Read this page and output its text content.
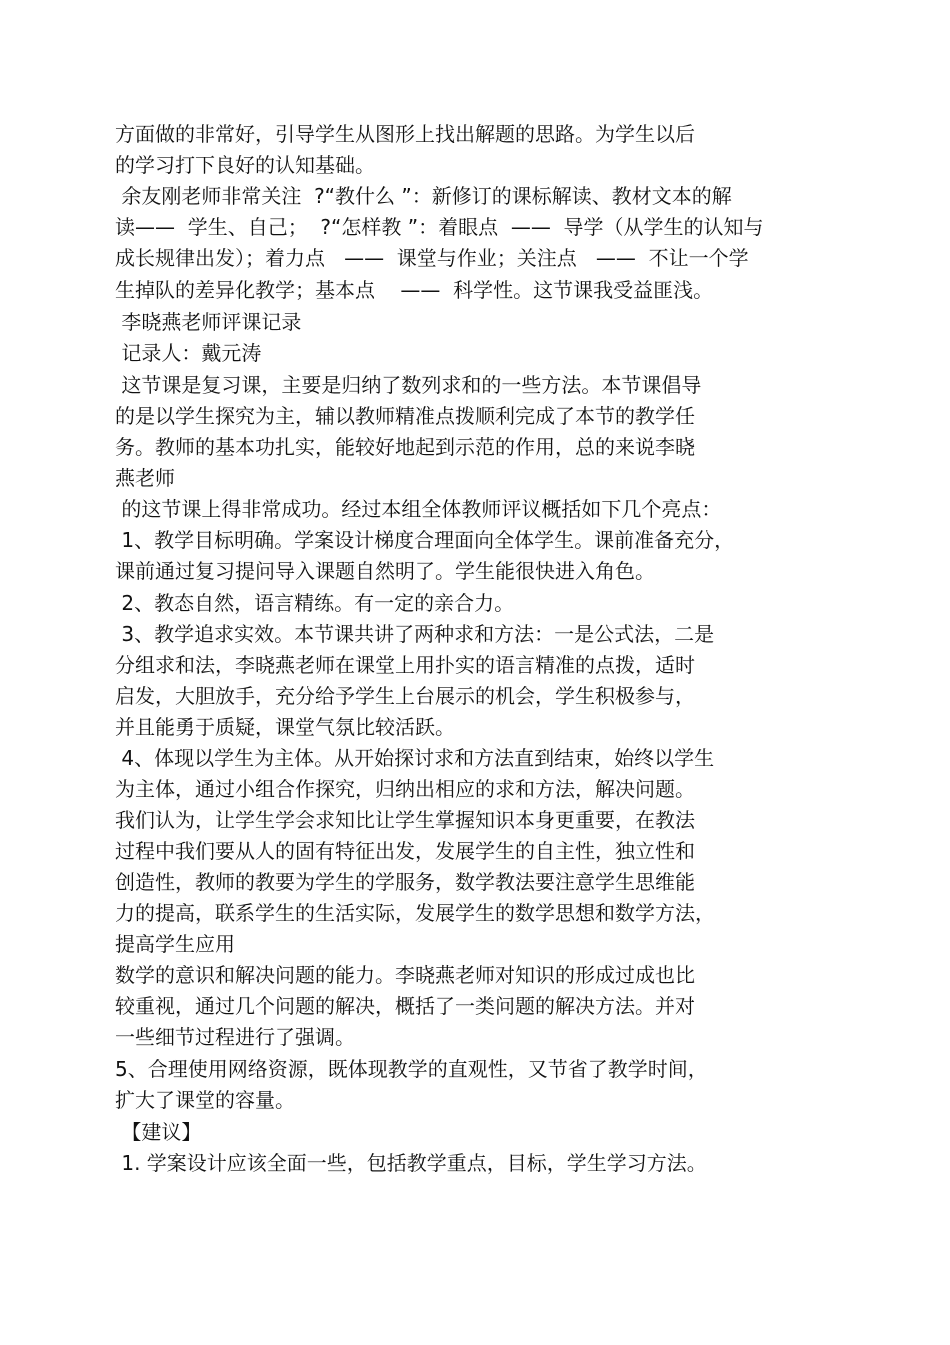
方面做的非常好，引导学生从图形上找出解题的思路。为学生以后
的学习打下良好的认知基础。
余友刚老师非常关注  ?“教什么 ”：新修订的课标解读、教材文本的解
读——  学生、自己；  ?“怎样教 ”：着眼点  ——  导学（从学生的认知与
成长规律出发）；着力点   ——  课堂与作业；关注点   ——  不让一个学
生掉队的差异化教学；基本点    ——  科学性。这节课我受益匪浅。
李晓燕老师评课记录
记录人：戴元涛
这节课是复习课，主要是归纳了数列求和的一些方法。本节课倡导
的是以学生探究为主，辅以教师精准点拨顺利完成了本节的教学任
务。教师的基本功扎实，能较好地起到示范的作用，总的来说李晓
燕老师
的这节课上得非常成功。经过本组全体教师评议概括如下几个亮点：
1、教学目标明确。学案设计梯度合理面向全体学生。课前准备充分，
课前通过复习提问导入课题自然明了。学生能很快进入角色。
2、教态自然，语言精练。有一定的亲合力。
3、教学追求实效。本节课共讲了两种求和方法：一是公式法，二是
分组求和法，李晓燕老师在课堂上用扑实的语言精准的点拨，适时
启发，大胆放手，充分给予学生上台展示的机会，学生积极参与，
并且能勇于质疑，课堂气氛比较活跃。
4、体现以学生为主体。从开始探讨求和方法直到结束，始终以学生
为主体，通过小组合作探究，归纳出相应的求和方法，解决问题。
我们认为，让学生学会求知比让学生掌握知识本身更重要，在教法
过程中我们要从人的固有特征出发，发展学生的自主性，独立性和
创造性，教师的教要为学生的学服务，数学教法要注意学生思维能
力的提高，联系学生的生活实际，发展学生的数学思想和数学方法，
提高学生应用
数学的意识和解决问题的能力。李晓燕老师对知识的形成过成也比
较重视，通过几个问题的解决，概括了一类问题的解决方法。并对
一些细节过程进行了强调。
5、合理使用网络资源，既体现教学的直观性，又节省了教学时间，
扩大了课堂的容量。
【建议】
1. 学案设计应该全面一些，包括教学重点，目标，学生学习方法。
